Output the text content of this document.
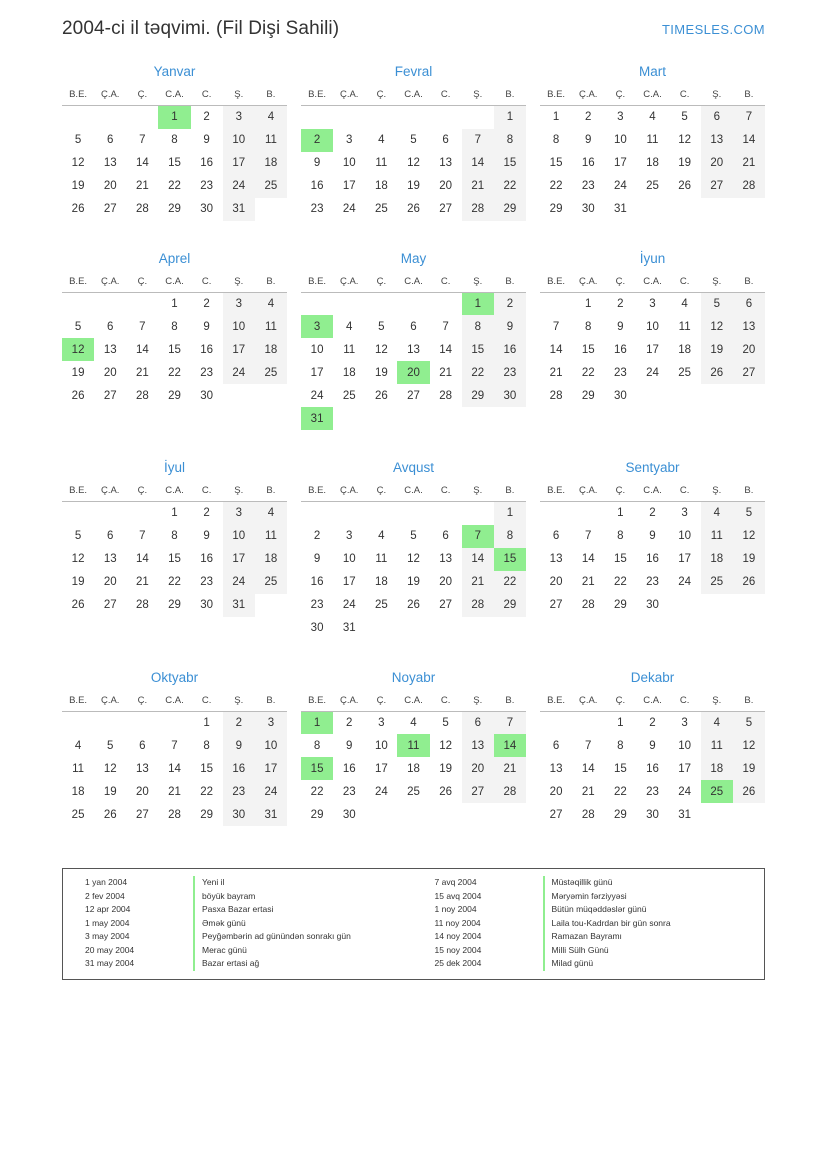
2004-ci il təqvimi. (Fil Dişi Sahili)	TIMESLES.COM
Yanvar
B.E.	Ç.A.	Ç.	C.A.	C.	Ş.	B.
			1	2	3	4
5	6	7	8	9	10	11
12	13	14	15	16	17	18
19	20	21	22	23	24	25
26	27	28	29	30	31	
Fevral
B.E.	Ç.A.	Ç.	C.A.	C.	Ş.	B.
						1
2	3	4	5	6	7	8
9	10	11	12	13	14	15
16	17	18	19	20	21	22
23	24	25	26	27	28	29
Mart
B.E.	Ç.A.	Ç.	C.A.	C.	Ş.	B.
1	2	3	4	5	6	7
8	9	10	11	12	13	14
15	16	17	18	19	20	21
22	23	24	25	26	27	28
29	30	31				
Aprel
B.E.	Ç.A.	Ç.	C.A.	C.	Ş.	B.
			1	2	3	4
5	6	7	8	9	10	11
12	13	14	15	16	17	18
19	20	21	22	23	24	25
26	27	28	29	30		
May
B.E.	Ç.A.	Ç.	C.A.	C.	Ş.	B.
					1	2
3	4	5	6	7	8	9
10	11	12	13	14	15	16
17	18	19	20	21	22	23
24	25	26	27	28	29	30
31						
İyun
B.E.	Ç.A.	Ç.	C.A.	C.	Ş.	B.
	1	2	3	4	5	6
7	8	9	10	11	12	13
14	15	16	17	18	19	20
21	22	23	24	25	26	27
28	29	30				
İyul
B.E.	Ç.A.	Ç.	C.A.	C.	Ş.	B.
			1	2	3	4
5	6	7	8	9	10	11
12	13	14	15	16	17	18
19	20	21	22	23	24	25
26	27	28	29	30	31	
Avqust
B.E.	Ç.A.	Ç.	C.A.	C.	Ş.	B.
						1
2	3	4	5	6	7	8
9	10	11	12	13	14	15
16	17	18	19	20	21	22
23	24	25	26	27	28	29
30	31					
Sentyabr
B.E.	Ç.A.	Ç.	C.A.	C.	Ş.	B.
		1	2	3	4	5
6	7	8	9	10	11	12
13	14	15	16	17	18	19
20	21	22	23	24	25	26
27	28	29	30			
Oktyabr
B.E.	Ç.A.	Ç.	C.A.	C.	Ş.	B.
				1	2	3
4	5	6	7	8	9	10
11	12	13	14	15	16	17
18	19	20	21	22	23	24
25	26	27	28	29	30	31
Noyabr
B.E.	Ç.A.	Ç.	C.A.	C.	Ş.	B.
1	2	3	4	5	6	7
8	9	10	11	12	13	14
15	16	17	18	19	20	21
22	23	24	25	26	27	28
29	30					
Dekabr
B.E.	Ç.A.	Ç.	C.A.	C.	Ş.	B.
		1	2	3	4	5
6	7	8	9	10	11	12
13	14	15	16	17	18	19
20	21	22	23	24	25	26
27	28	29	30	31		
1 yan 2004	Yeni il
2 fev 2004	böyük bayram
12 apr 2004	Pasxa Bazar ertasi
1 may 2004	Əmək günü
3 may 2004	Peyğəmbərin ad günündən sonrakı gün
20 may 2004	Merac günü
31 may 2004	Bazar ertasi ağ
7 avq 2004	Müstəqillik günü
15 avq 2004	Məryəmin fərziyyəsi
1 noy 2004	Bütün müqəddəslər günü
11 noy 2004	Laila tou-Kadrdan bir gün sonra
14 noy 2004	Ramazan Bayramı
15 noy 2004	Milli Sülh Günü
25 dek 2004	Milad günü
